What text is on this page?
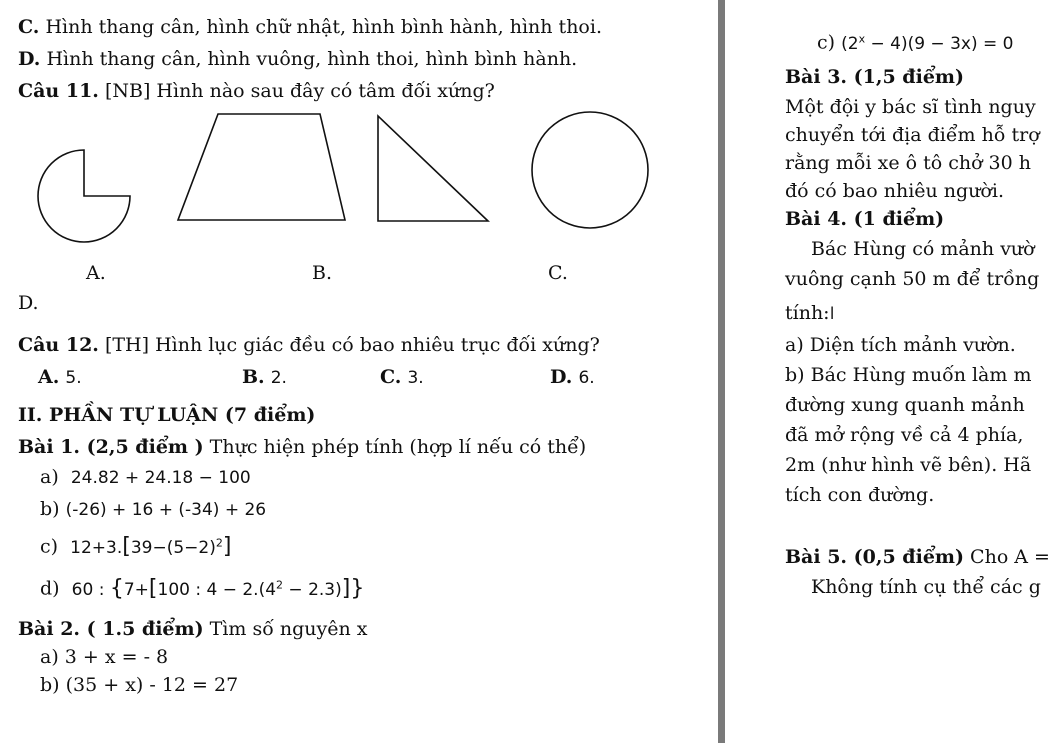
C. Hình thang cân, hình chữ nhật, hình bình hành, hình thoi.
D. Hình thang cân, hình vuông, hình thoi, hình bình hành.
Câu 11. [NB] Hình nào sau đây có tâm đối xứng?
A.	B.	C.
D.
Câu 12. [TH] Hình lục giác đều có bao nhiêu trục đối xứng?
A. 5.	B. 2.	C. 3.	D. 6.
II. PHẦN TỰ LUẬN (7 điểm)
Bài 1. (2,5 điểm ) Thực hiện phép tính (hợp lí nếu có thể)
a) 24.82 + 24.18 − 100
b) (-26) + 16 + (-34) + 26
c) $12+3.[39-(5-2)^2]$
d) 60 : {7+[100 : $4 - 2.(4^2 - 2.3)$]}
Bài 2. ( 1.5 điểm) Tìm số nguyên x
a) 3 + x = - 8
b) (35 + x) - 12 = 27
c) $(2^x - 4)(9 - 3x) = 0$
Bài 3. (1,5 điểm)
Một đội y bác sĩ tình nguy
chuyển tới địa điểm hỗ trợ
rằng mỗi xe ô tô chở 30 h
đó có bao nhiêu người.
Bài 4. (1 điểm)
Bác Hùng có mảnh vườ
vuông cạnh 50 m để trồng
tính:I
a) Diện tích mảnh vườn.
b) Bác Hùng muốn làm m
đường xung quanh mảnh
đã mở rộng về cả 4 phía,
2m (như hình vẽ bên). Hã
tích con đường.
Bài 5. (0,5 điểm) Cho A =
Không tính cụ thể các g
